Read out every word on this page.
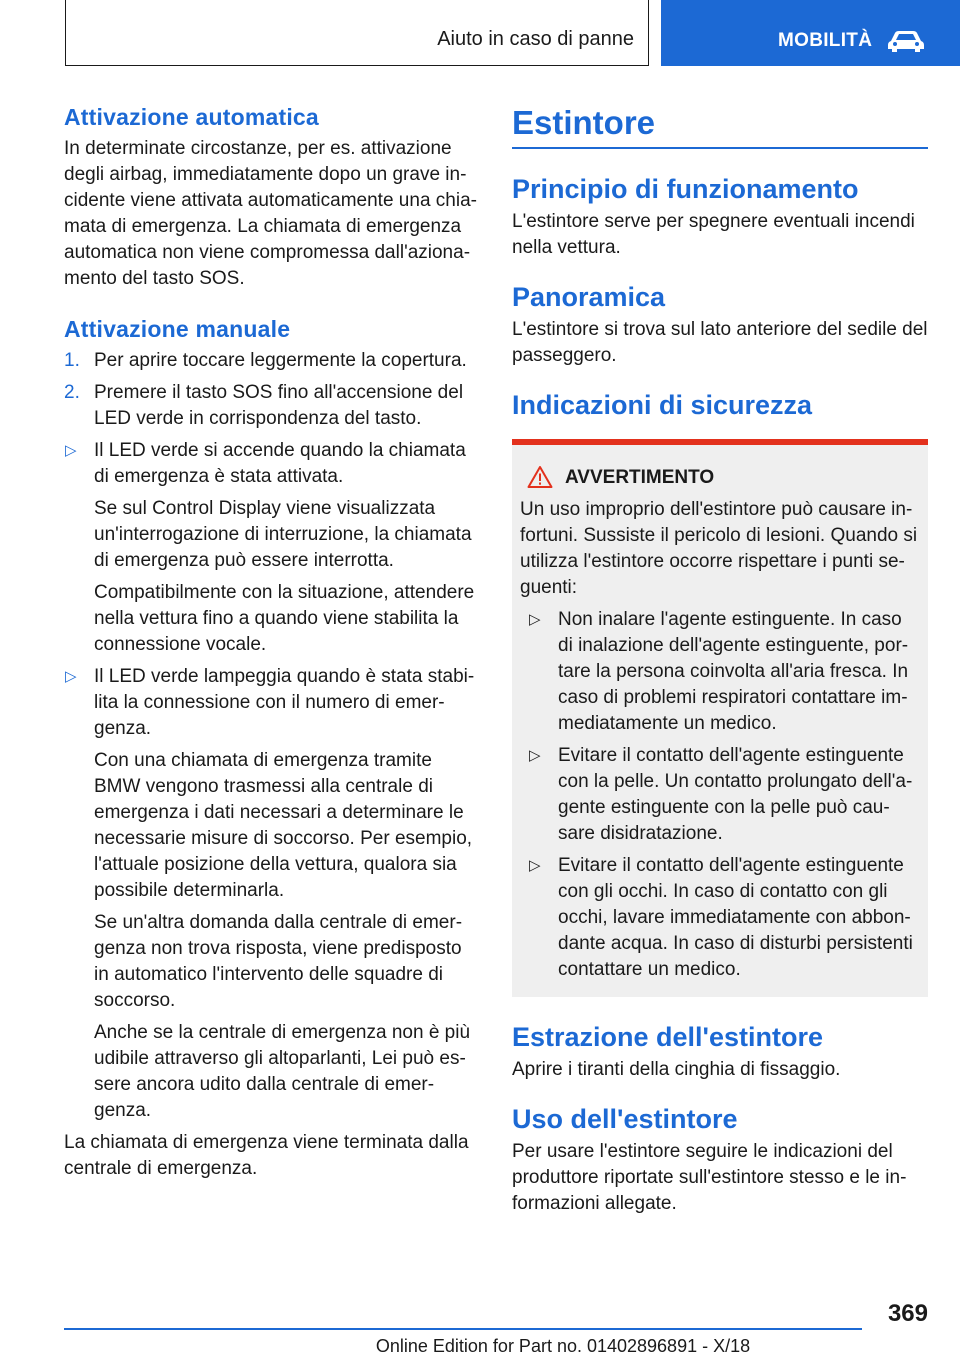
Aiuto in caso di panne	MOBILITÀ
Attivazione automatica
In determinate circostanze, per es. attivazione degli airbag, immediatamente dopo un grave incidente viene attivata automaticamente una chiamata di emergenza. La chiamata di emergenza automatica non viene compromessa dall'azionamento del tasto SOS.
Attivazione manuale
1. Per aprire toccare leggermente la copertura.
2. Premere il tasto SOS fino all'accensione del LED verde in corrispondenza del tasto.
▷ Il LED verde si accende quando la chiamata di emergenza è stata attivata.
Se sul Control Display viene visualizzata un'interrogazione di interruzione, la chiamata di emergenza può essere interrotta.
Compatibilmente con la situazione, attendere nella vettura fino a quando viene stabilita la connessione vocale.
▷ Il LED verde lampeggia quando è stata stabilita la connessione con il numero di emergenza.
Con una chiamata di emergenza tramite BMW vengono trasmessi alla centrale di emergenza i dati necessari a determinare le necessarie misure di soccorso. Per esempio, l'attuale posizione della vettura, qualora sia possibile determinarla.
Se un'altra domanda dalla centrale di emergenza non trova risposta, viene predisposto in automatico l'intervento delle squadre di soccorso.
Anche se la centrale di emergenza non è più udibile attraverso gli altoparlanti, Lei può essere ancora udito dalla centrale di emergenza.
La chiamata di emergenza viene terminata dalla centrale di emergenza.
Estintore
Principio di funzionamento
L'estintore serve per spegnere eventuali incendi nella vettura.
Panoramica
L'estintore si trova sul lato anteriore del sedile del passeggero.
Indicazioni di sicurezza
AVVERTIMENTO
Un uso improprio dell'estintore può causare infortuni. Sussiste il pericolo di lesioni. Quando si utilizza l'estintore occorre rispettare i punti seguenti:
▷ Non inalare l'agente estinguente. In caso di inalazione dell'agente estinguente, portare la persona coinvolta all'aria fresca. In caso di problemi respiratori contattare immediatamente un medico.
▷ Evitare il contatto dell'agente estinguente con la pelle. Un contatto prolungato dell'agente estinguente con la pelle può causare disidratazione.
▷ Evitare il contatto dell'agente estinguente con gli occhi. In caso di contatto con gli occhi, lavare immediatamente con abbondante acqua. In caso di disturbi persistenti contattare un medico.
Estrazione dell'estintore
Aprire i tiranti della cinghia di fissaggio.
Uso dell'estintore
Per usare l'estintore seguire le indicazioni del produttore riportate sull'estintore stesso e le informazioni allegate.
369
Online Edition for Part no. 01402896891 - X/18
